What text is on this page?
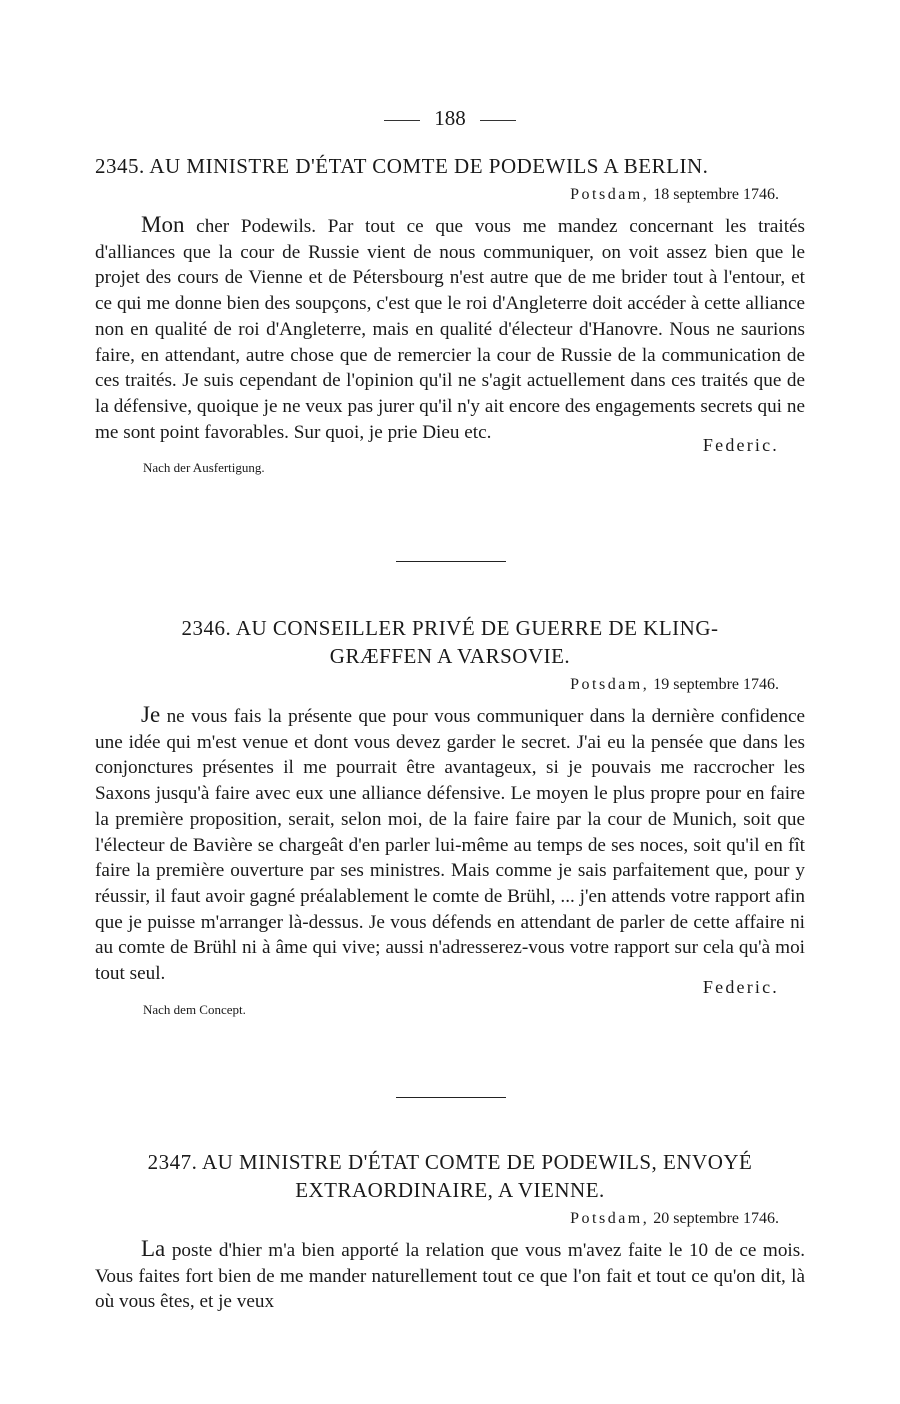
188
2345. AU MINISTRE D'ÉTAT COMTE DE PODEWILS A BERLIN.
Potsdam, 18 septembre 1746.
Mon cher Podewils. Par tout ce que vous me mandez concernant les traités d'alliances que la cour de Russie vient de nous communiquer, on voit assez bien que le projet des cours de Vienne et de Pétersbourg n'est autre que de me brider tout à l'entour, et ce qui me donne bien des soupçons, c'est que le roi d'Angleterre doit accéder à cette alliance non en qualité de roi d'Angleterre, mais en qualité d'électeur d'Hanovre. Nous ne saurions faire, en attendant, autre chose que de remercier la cour de Russie de la communication de ces traités. Je suis cependant de l'opinion qu'il ne s'agit actuellement dans ces traités que de la défensive, quoique je ne veux pas jurer qu'il n'y ait encore des engagements secrets qui ne me sont point favorables. Sur quoi, je prie Dieu etc.
Federic.
Nach der Ausfertigung.
2346. AU CONSEILLER PRIVÉ DE GUERRE DE KLING-
GRÆFFEN A VARSOVIE.
Potsdam, 19 septembre 1746.
Je ne vous fais la présente que pour vous communiquer dans la dernière confidence une idée qui m'est venue et dont vous devez garder le secret. J'ai eu la pensée que dans les conjonctures présentes il me pourrait être avantageux, si je pouvais me raccrocher les Saxons jusqu'à faire avec eux une alliance défensive. Le moyen le plus propre pour en faire la première proposition, serait, selon moi, de la faire faire par la cour de Munich, soit que l'électeur de Bavière se chargeât d'en parler lui-même au temps de ses noces, soit qu'il en fît faire la première ouverture par ses ministres. Mais comme je sais parfaitement que, pour y réussir, il faut avoir gagné préalablement le comte de Brühl, ... j'en attends votre rapport afin que je puisse m'arranger là-dessus. Je vous défends en attendant de parler de cette affaire ni au comte de Brühl ni à âme qui vive; aussi n'adresserez-vous votre rapport sur cela qu'à moi tout seul.
Federic.
Nach dem Concept.
2347. AU MINISTRE D'ÉTAT COMTE DE PODEWILS, ENVOYÉ
EXTRAORDINAIRE, A VIENNE.
Potsdam, 20 septembre 1746.
La poste d'hier m'a bien apporté la relation que vous m'avez faite le 10 de ce mois. Vous faites fort bien de me mander naturellement tout ce que l'on fait et tout ce qu'on dit, là où vous êtes, et je veux
